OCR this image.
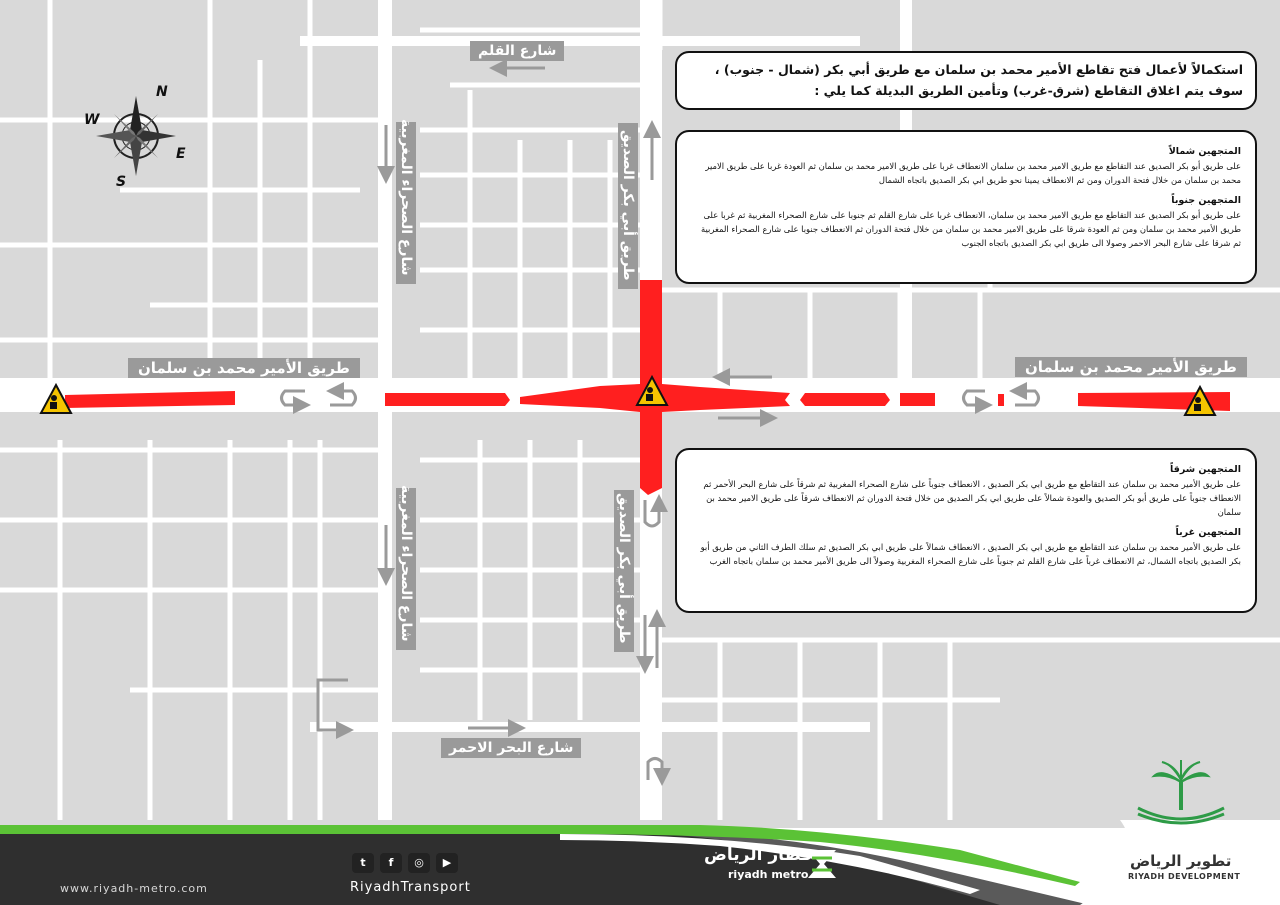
N
S
E
W
شارع القلم
شارع الصحراء المغربية	طريق أبي بكر الصديق
طريق الأمير محمد بن سلمان	طريق الأمير محمد بن سلمان
شارع الصحراء المغربية	طريق أبي بكر الصديق
شارع البحر الاحمر

استكمالاً لأعمال فتح تقاطع الأمير محمد بن سلمان مع طريق أبي بكر (شمال - جنوب) ، سوف يتم اغلاق التقاطع (شرق-غرب) وتأمين الطريق البديلة كما يلي :

المتجهين شمالاً

على طريق أبو بكر الصديق عند التقاطع مع طريق الامير محمد بن سلمان الانعطاف غربا على طريق الامير محمد بن سلمان ثم العودة غربا على طريق الامير محمد بن سلمان من خلال فتحة الدوران ومن ثم الانعطاف يمينا نحو طريق ابي بكر الصديق باتجاه الشمال

المتجهين جنوباً

على طريق أبو بكر الصديق عند التقاطع مع طريق الامير محمد بن سلمان، الانعطاف غربا على شارع القلم ثم جنوبا على شارع الصحراء المغربية ثم غربا على طريق الأمير محمد بن سلمان ومن ثم العودة شرقا على طريق الامير محمد بن سلمان من خلال فتحة الدوران ثم الانعطاف جنوبا على شارع الصحراء المغربية ثم شرقا على شارع البحر الاحمر وصولا الى طريق ابي بكر الصديق باتجاه الجنوب

المتجهين شرقاً

على طريق الأمير محمد بن سلمان عند التقاطع مع طريق ابي بكر الصديق ، الانعطاف جنوباً على شارع الصحراء المغربية ثم شرقاً على شارع البحر الأحمر ثم الانعطاف جنوباً على طريق أبو بكر الصديق والعودة شمالاً على طريق ابي بكر الصديق من خلال فتحة الدوران ثم الانعطاف شرقاً على طريق الامير محمد بن سلمان

المتجهين غرباً

على طريق الأمير محمد بن سلمان عند التقاطع مع طريق ابي بكر الصديق ، الانعطاف شمالاً على طريق ابي بكر الصديق ثم سلك الطرف الثاني من طريق أبو بكر الصديق باتجاه الشمال، ثم الانعطاف غرباً على شارع القلم ثم جنوباً على شارع الصحراء المغربية وصولاً الى طريق الأمير محمد بن سلمان باتجاه الغرب

www.riyadh-metro.com
t	f	◎	▶
RiyadhTransport
قطار الرياض
riyadh metro
تطوير الرياض
RIYADH DEVELOPMENT
